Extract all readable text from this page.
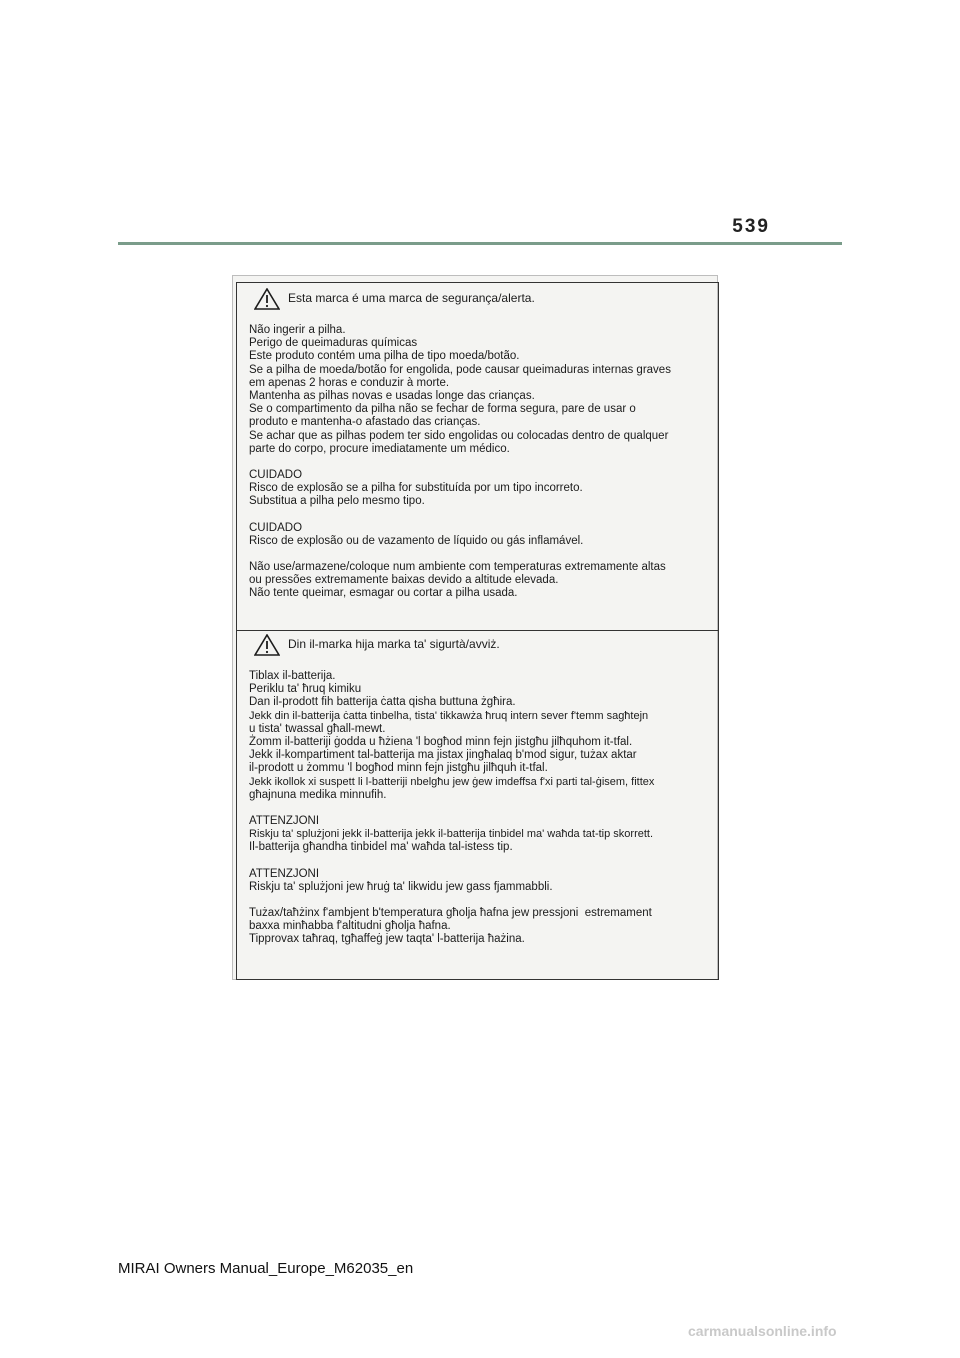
539

Esta marca é uma marca de segurança/alerta.

Não ingerir a pilha.

Perigo de queimaduras químicas

Este produto contém uma pilha de tipo moeda/botão.

Se a pilha de moeda/botão for engolida, pode causar queimaduras internas graves

em apenas 2 horas e conduzir à morte.

Mantenha as pilhas novas e usadas longe das crianças.

Se o compartimento da pilha não se fechar de forma segura, pare de usar o

produto e mantenha-o afastado das crianças.

Se achar que as pilhas podem ter sido engolidas ou colocadas dentro de qualquer

parte do corpo, procure imediatamente um médico.

CUIDADO

Risco de explosão se a pilha for substituída por um tipo incorreto.

Substitua a pilha pelo mesmo tipo.

CUIDADO

Risco de explosão ou de vazamento de líquido ou gás inflamável.

Não use/armazene/coloque num ambiente com temperaturas extremamente altas

ou pressões extremamente baixas devido a altitude elevada.

Não tente queimar, esmagar ou cortar a pilha usada.

Din il-marka hija marka ta' sigurtà/avviż.

Tiblax il-batterija.

Periklu ta' ħruq kimiku

Dan il-prodott fih batterija ċatta qisha buttuna żgħira.

Jekk din il-batterija ċatta tinbelha, tista' tikkawża ħruq intern sever f'temm sagħtejn

u tista' twassal għall-mewt.

Żomm il-batteriji ġodda u ħżiena 'l bogħod minn fejn jistgħu jilħquhom it-tfal.

Jekk il-kompartiment tal-batterija ma jistax jingħalaq b'mod sigur, tużax aktar

il-prodott u żommu 'l bogħod minn fejn jistgħu jilħquh it-tfal.

Jekk ikollok xi suspett li l-batteriji nbelgħu jew ġew imdeffsa f'xi parti tal-ġisem, fittex

għajnuna medika minnufih.

ATTENZJONI

Riskju ta' splużjoni jekk il-batterija jekk il-batterija tinbidel ma' waħda tat-tip skorrett.

Il-batterija għandha tinbidel ma' waħda tal-istess tip.

ATTENZJONI

Riskju ta' splużjoni jew ħruġ ta' likwidu jew gass fjammabbli.

Tużax/taħżinx f'ambjent b'temperatura għolja ħafna jew pressjoni  estremament

baxxa minħabba f'altitudni għolja ħafna.

Tipprovax taħraq, tgħaffeġ jew taqta' l-batterija ħażina.

MIRAI Owners Manual_Europe_M62035_en
carmanualsonline.info
